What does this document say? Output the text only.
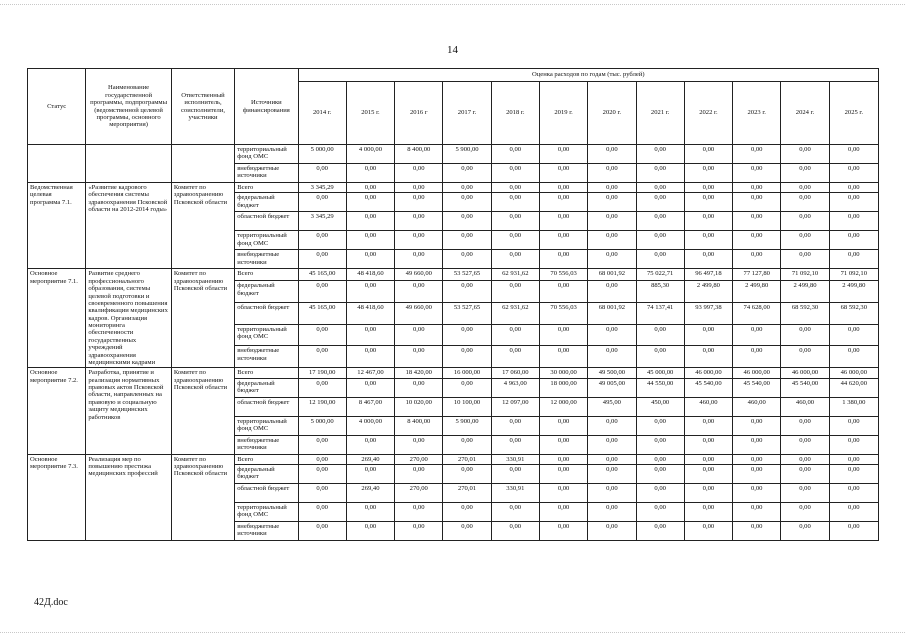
14
Статус	Наименование государственной программы, подпрограммы (ведомственной целевой программы, основного мероприятия)	Ответственный исполнитель, соисполнители, участники	Источники финансирования	Оценка расходов по годам (тыс. рублей)											
				2014 г.	2015 г.	2016 г	2017 г.	2018 г.	2019 г.	2020 г.	2021 г.	2022 г.	2023 г.	2024 г.	2025 г.
			территориальный фонд ОМС	5 000,00	4 000,00	8 400,00	5 900,00	0,00	0,00	0,00	0,00	0,00	0,00	0,00	0,00
			внебюджетные источники	0,00	0,00	0,00	0,00	0,00	0,00	0,00	0,00	0,00	0,00	0,00	0,00
Ведомственная целевая программа 7.1.	«Развитие кадрового обеспечения системы здравоохранения Псковской области на 2012-2014 годы»	Комитет по здравоохранению Псковской области	Всего	3 345,29	0,00	0,00	0,00	0,00	0,00	0,00	0,00	0,00	0,00	0,00	0,00
			федеральный бюджет	0,00	0,00	0,00	0,00	0,00	0,00	0,00	0,00	0,00	0,00	0,00	0,00
			областной бюджет	3 345,29	0,00	0,00	0,00	0,00	0,00	0,00	0,00	0,00	0,00	0,00	0,00
			территориальный фонд ОМС	0,00	0,00	0,00	0,00	0,00	0,00	0,00	0,00	0,00	0,00	0,00	0,00
			внебюджетные источники	0,00	0,00	0,00	0,00	0,00	0,00	0,00	0,00	0,00	0,00	0,00	0,00
Основное мероприятие 7.1.	Развитие среднего профессионального образования, системы целевой подготовки и своевременного повышения квалификации медицинских кадров. Организация мониторинга обеспеченности государственных учреждений здравоохранения медицинскими кадрами	Комитет по здравоохранению Псковской области	Всего	45 165,00	48 418,60	49 660,00	53 527,65	62 931,62	70 556,03	68 001,92	75 022,71	96 497,18	77 127,80	71 092,10	71 092,10
			федеральный бюджет	0,00	0,00	0,00	0,00	0,00	0,00	0,00	885,30	2 499,80	2 499,80	2 499,80	2 499,80
			областной бюджет	45 165,00	48 418,60	49 660,00	53 527,65	62 931,62	70 556,03	68 001,92	74 137,41	93 997,38	74 628,00	68 592,30	68 592,30
			территориальный фонд ОМС	0,00	0,00	0,00	0,00	0,00	0,00	0,00	0,00	0,00	0,00	0,00	0,00
			внебюджетные источники	0,00	0,00	0,00	0,00	0,00	0,00	0,00	0,00	0,00	0,00	0,00	0,00
Основное мероприятие 7.2.	Разработка, принятие и реализация нормативных правовых актов Псковской области, направленных на правовую и социальную защиту медицинских работников	Комитет по здравоохранению Псковской области	Всего	17 190,00	12 467,00	18 420,00	16 000,00	17 060,00	30 000,00	49 500,00	45 000,00	46 000,00	46 000,00	46 000,00	46 000,00
			федеральный бюджет	0,00	0,00	0,00	0,00	4 963,00	18 000,00	49 005,00	44 550,00	45 540,00	45 540,00	45 540,00	44 620,00
			областной бюджет	12 190,00	8 467,00	10 020,00	10 100,00	12 097,00	12 000,00	495,00	450,00	460,00	460,00	460,00	1 380,00
			территориальный фонд ОМС	5 000,00	4 000,00	8 400,00	5 900,00	0,00	0,00	0,00	0,00	0,00	0,00	0,00	0,00
			внебюджетные источники	0,00	0,00	0,00	0,00	0,00	0,00	0,00	0,00	0,00	0,00	0,00	0,00
Основное мероприятие 7.3.	Реализация мер по повышению престижа медицинских профессий	Комитет по здравоохранению Псковской области	Всего	0,00	269,40	270,00	270,01	330,91	0,00	0,00	0,00	0,00	0,00	0,00	0,00
			федеральный бюджет	0,00	0,00	0,00	0,00	0,00	0,00	0,00	0,00	0,00	0,00	0,00	0,00
			областной бюджет	0,00	269,40	270,00	270,01	330,91	0,00	0,00	0,00	0,00	0,00	0,00	0,00
			территориальный фонд ОМС	0,00	0,00	0,00	0,00	0,00	0,00	0,00	0,00	0,00	0,00	0,00	0,00
			внебюджетные источники	0,00	0,00	0,00	0,00	0,00	0,00	0,00	0,00	0,00	0,00	0,00	0,00
42Д.doc
